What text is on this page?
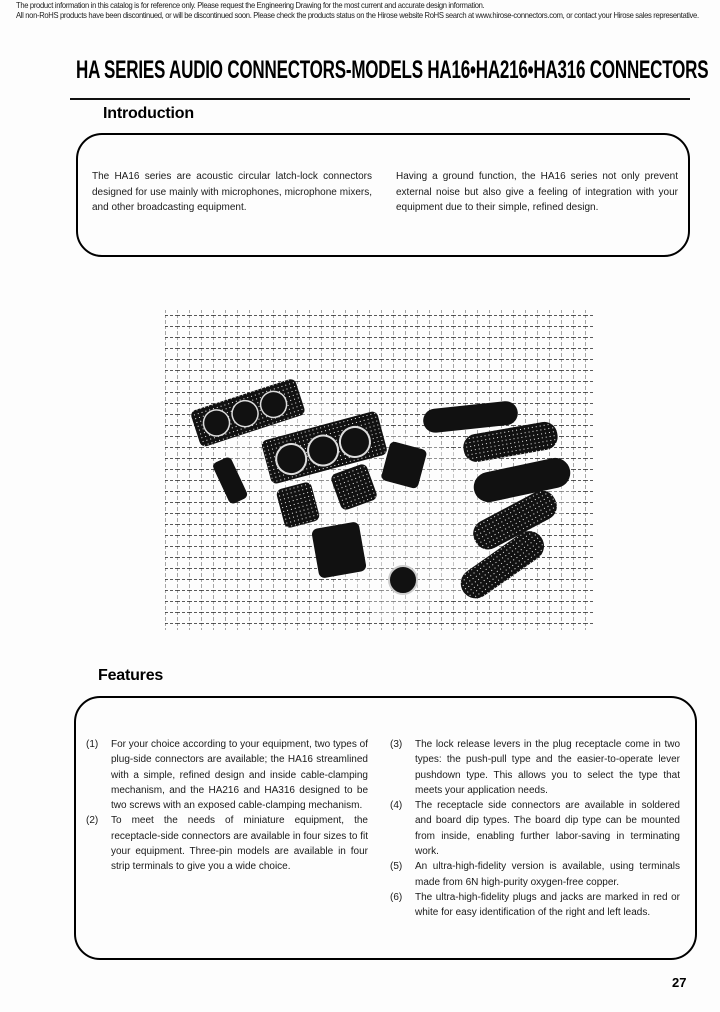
The product information in this catalog is for reference only. Please request the Engineering Drawing for the most current and accurate design information.
All non-RoHS products have been discontinued, or will be discontinued soon. Please check the products status on the Hirose website RoHS search at www.hirose-connectors.com, or contact your Hirose sales representative.
HA SERIES AUDIO CONNECTORS-MODELS HA16•HA216•HA316 CONNECTORS
Introduction

The HA16 series are acoustic circular latch-lock connectors designed for use mainly with microphones, microphone mixers, and other broadcasting equipment.

Having a ground function, the HA16 series not only prevent external noise but also give a feeling of integration with your equipment due to their simple, refined design.

Features
(1)	For your choice according to your equipment, two types of plug-side connectors are available; the HA16 streamlined with a simple, refined design and inside cable-clamping mechanism, and the HA216 and HA316 designed to be two screws with an exposed cable-clamping mechanism.
(2)	To meet the needs of miniature equipment, the receptacle-side connectors are available in four sizes to fit your equipment. Three-pin models are available in four strip terminals to give you a wide choice.
(3)	The lock release levers in the plug receptacle come in two types: the push-pull type and the easier-to-operate lever pushdown type. This allows you to select the type that meets your application needs.
(4)	The receptacle side connectors are available in soldered and board dip types. The board dip type can be mounted from inside, enabling further labor-saving in terminating work.
(5)	An ultra-high-fidelity version is available, using terminals made from 6N high-purity oxygen-free copper.
(6)	The ultra-high-fidelity plugs and jacks are marked in red or white for easy identification of the right and left leads.
27
